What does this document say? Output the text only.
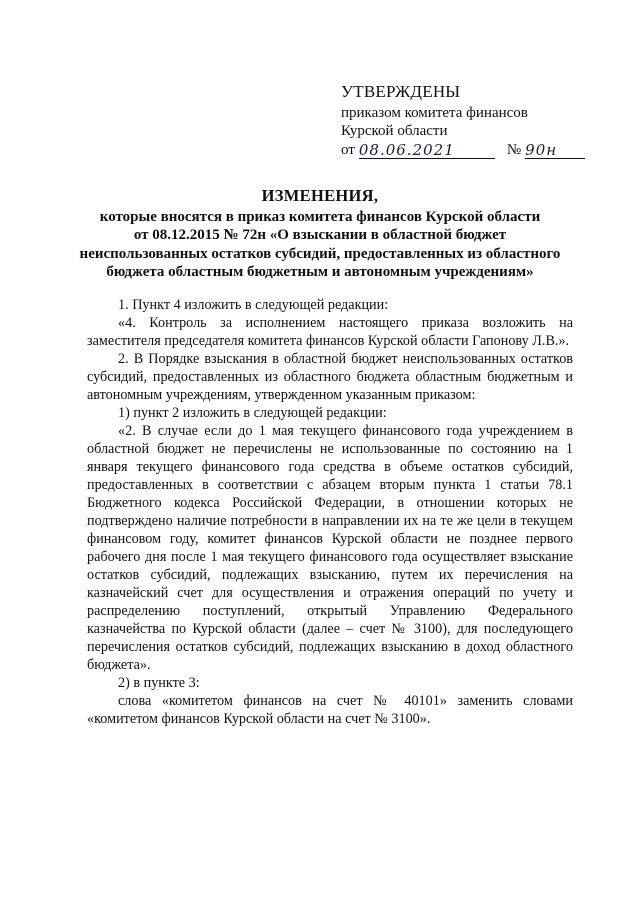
УТВЕРЖДЕНЫ
приказом комитета финансов
Курской области
от 08.06.2021	№ 90н
ИЗМЕНЕНИЯ,
которые вносятся в приказ комитета финансов Курской области
от 08.12.2015 № 72н «О взыскании в областной бюджет
неиспользованных остатков субсидий, предоставленных из областного
бюджета областным бюджетным и автономным учреждениям»

1. Пункт 4 изложить в следующей редакции:

«4. Контроль за исполнением настоящего приказа возложить на заместителя председателя комитета финансов Курской области Гапонову Л.В.».

2. В Порядке взыскания в областной бюджет неиспользованных остатков субсидий, предоставленных из областного бюджета областным бюджетным и автономным учреждениям, утвержденном указанным приказом:

1) пункт 2 изложить в следующей редакции:

«2. В случае если до 1 мая текущего финансового года учреждением в областной бюджет не перечислены не использованные по состоянию на 1 января текущего финансового года средства в объеме остатков субсидий, предоставленных в соответствии с абзацем вторым пункта 1 статьи 78.1 Бюджетного кодекса Российской Федерации, в отношении которых не подтверждено наличие потребности в направлении их на те же цели в текущем финансовом году, комитет финансов Курской области не позднее первого рабочего дня после 1 мая текущего финансового года осуществляет взыскание остатков субсидий, подлежащих взысканию, путем их перечисления на казначейский счет для осуществления и отражения операций по учету и распределению поступлений, открытый Управлению Федерального казначейства по Курской области (далее – счет № 3100), для последующего перечисления остатков субсидий, подлежащих взысканию в доход областного бюджета».

2) в пункте 3:

слова «комитетом финансов на счет № 40101» заменить словами «комитетом финансов Курской области на счет № 3100».
